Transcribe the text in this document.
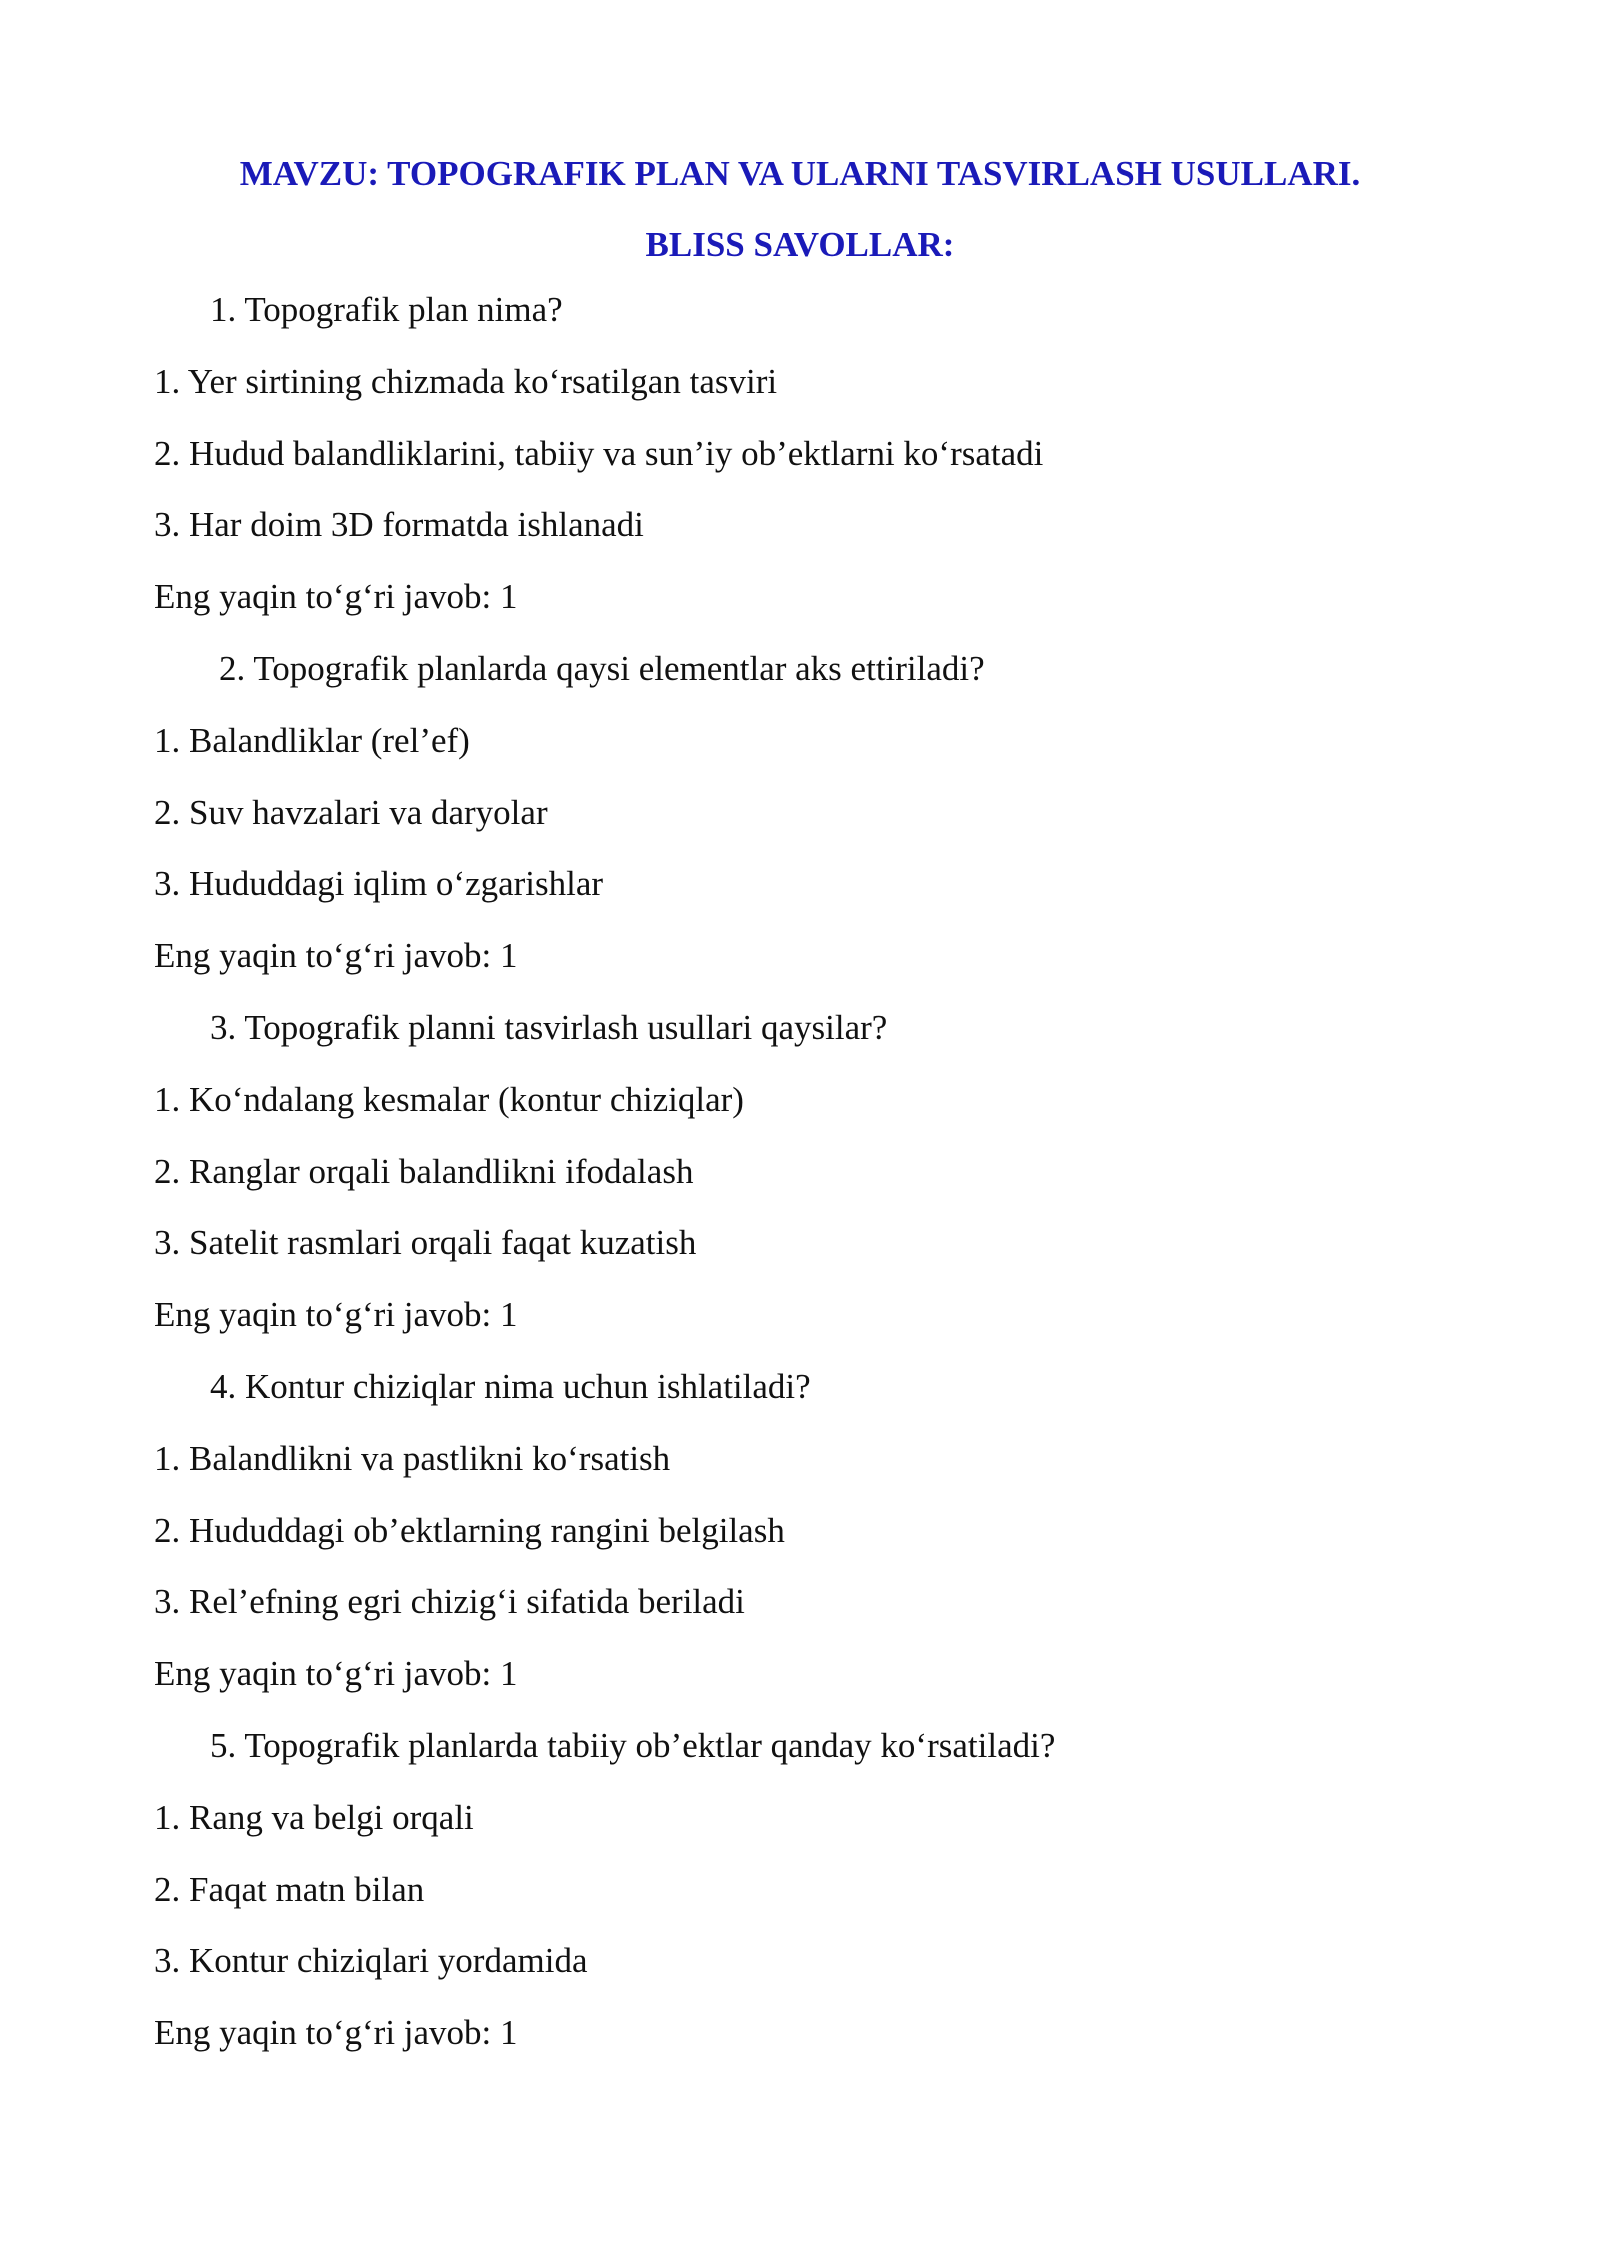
MAVZU: TOPOGRAFIK PLAN VA ULARNI TASVIRLASH USULLARI.
BLISS SAVOLLAR:
1. Topografik plan nima?
1. Yer sirtining chizmada ko‘rsatilgan tasviri
2. Hudud balandliklarini, tabiiy va sun’iy ob’ektlarni ko‘rsatadi
3. Har doim 3D formatda ishlanadi
Eng yaqin to‘g‘ri javob: 1
2. Topografik planlarda qaysi elementlar aks ettiriladi?
1. Balandliklar (rel’ef)
2. Suv havzalari va daryolar
3. Hududdagi iqlim o‘zgarishlar
Eng yaqin to‘g‘ri javob: 1
3. Topografik planni tasvirlash usullari qaysilar?
1. Ko‘ndalang kesmalar (kontur chiziqlar)
2. Ranglar orqali balandlikni ifodalash
3. Satelit rasmlari orqali faqat kuzatish
Eng yaqin to‘g‘ri javob: 1
4. Kontur chiziqlar nima uchun ishlatiladi?
1. Balandlikni va pastlikni ko‘rsatish
2. Hududdagi ob’ektlarning rangini belgilash
3. Rel’efning egri chizig‘i sifatida beriladi
Eng yaqin to‘g‘ri javob: 1
5. Topografik planlarda tabiiy ob’ektlar qanday ko‘rsatiladi?
1. Rang va belgi orqali
2. Faqat matn bilan
3. Kontur chiziqlari yordamida
Eng yaqin to‘g‘ri javob: 1
